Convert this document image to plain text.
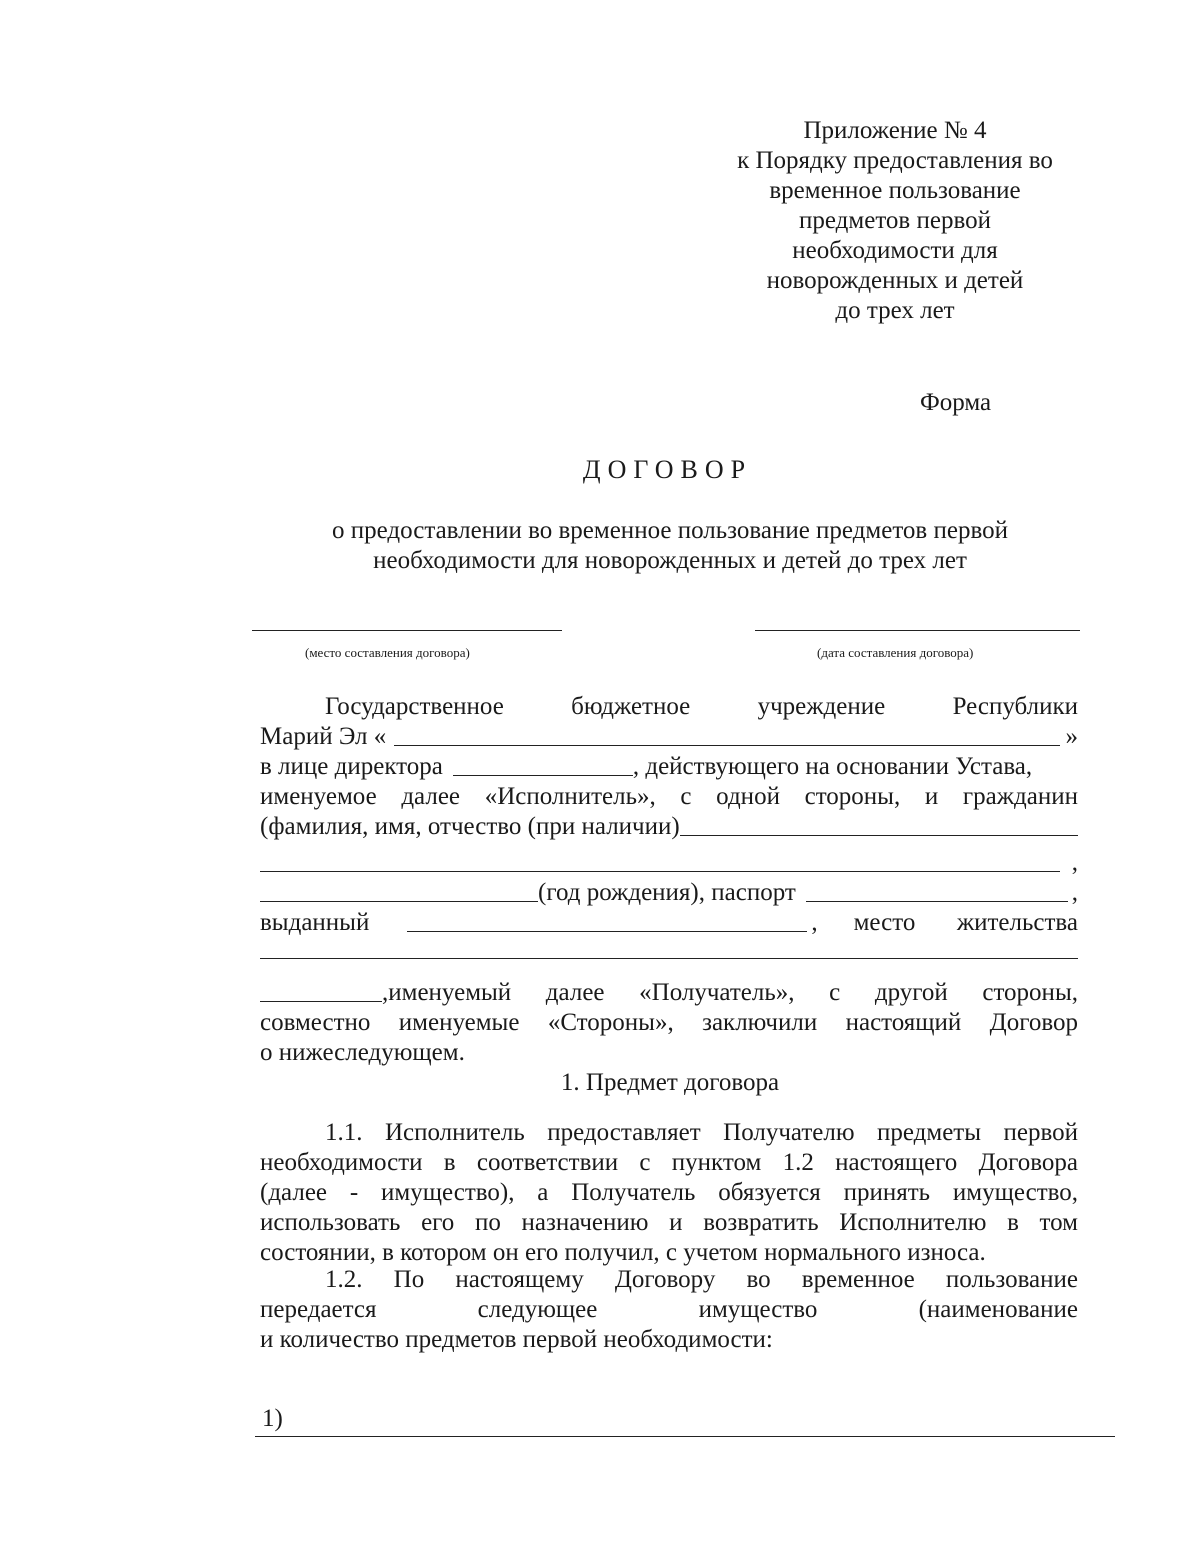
Приложение № 4
к Порядку предоставления во
временное пользование
предметов первой
необходимости для
новорожденных и детей
до трех лет
Форма
ДОГОВОР
о предоставлении во временное пользование предметов первой
необходимости для новорожденных и детей до трех лет
(место составления договора)	(дата составления договора)
Государственное	бюджетное	учреждение	Республики
Марий Эл «	»
в лице директора	, действующего на основании Устава,
именуемое далее «Исполнитель», с одной стороны, и гражданин
(фамилия, имя, отчество (при наличии)
,
(год рождения), паспорт	,
выданный	, место жительства
,именуемый далее «Получатель», с другой стороны,
совместно именуемые «Стороны», заключили настоящий Договор
о нижеследующем.
1. Предмет договора
1.1. Исполнитель предоставляет Получателю предметы первой
необходимости в соответствии с пунктом 1.2 настоящего Договора
(далее - имущество), а Получатель обязуется принять имущество,
использовать его по назначению и возвратить Исполнителю в том
состоянии, в котором он его получил, с учетом нормального износа.
1.2. По настоящему Договору во временное пользование
передается следующее имущество (наименование
и количество предметов первой необходимости:
1)
